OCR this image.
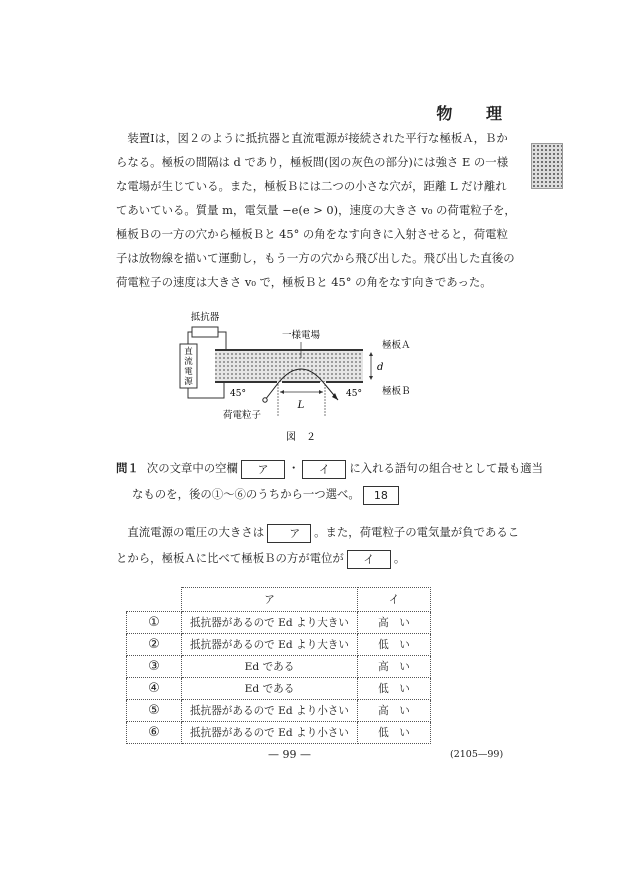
物 理

装置Ⅰは，図２のように抵抗器と直流電源が接続された平行な極板Ａ，Ｂからなる。極板の間隔は d であり，極板間(図の灰色の部分)には強さ E の一様な電場が生じている。また，極板Ｂには二つの小さな穴が，距離 L だけ離れてあいている。質量 m，電気量 −e(e > 0)，速度の大きさ v₀ の荷電粒子を，極板Ｂの一方の穴から極板Ｂと 45° の角をなす向きに入射させると，荷電粒子は放物線を描いて運動し，もう一方の穴から飛び出した。飛び出した直後の荷電粒子の速度は大きさ v₀ で，極板Ｂと 45° の角をなす向きであった。

抵抗器
直
流
電
源
一様電場
極板Ａ
d
極板Ｂ
45°	45°
L
荷電粒子
図　２
問１ 次の文章中の空欄 ア ・ イ に入れる語句の組合せとして最も適当
なものを，後の①～⑥のうちから一つ選べ。 18

直流電源の電圧の大きさは ア 。また，荷電粒子の電気量が負であるこ

とから，極板Ａに比べて極板Ｂの方が電位が イ 。

	ア	イ
①	抵抗器があるので Ed より大きい	高　い
②	抵抗器があるので Ed より大きい	低　い
③	Ed である	高　い
④	Ed である	低　い
⑤	抵抗器があるので Ed より小さい	高　い
⑥	抵抗器があるので Ed より小さい	低　い
— 99 —	(2105—99)
